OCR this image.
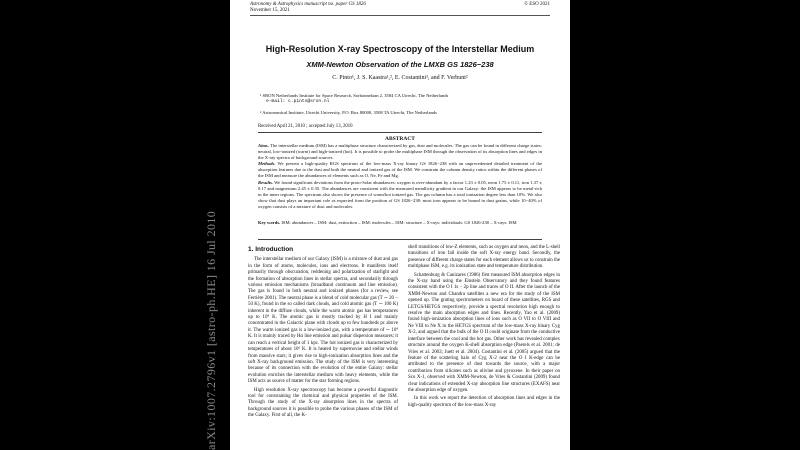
arXiv:1007.2796v1 [astro-ph.HE] 16 Jul 2010
Astronomy & Astrophysics manuscript no. paper GS 1826
November 15, 2021
© ESO 2021
High-Resolution X-ray Spectroscopy of the Interstellar Medium
XMM-Newton Observation of the LMXB GS 1826−238
C. Pinto¹, J. S. Kaastra¹,², E. Costantini¹, and F. Verbunt²
¹ SRON Netherlands Institute for Space Research, Sorbonnelaan 2, 3584 CA Utrecht, The Netherlands
e-mail: c.pinto@sron.nl
² Astronomical Institute, Utrecht University, P.O. Box 80000, 3508 TA Utrecht, The Netherlands
Received April 21, 2010 ; accepted July 13, 2010
ABSTRACT
Aims. The interstellar medium (ISM) has a multiphase structure characterized by gas, dust and molecules. The gas can be found in different charge states: neutral, low-ionized (warm) and high-ionized (hot). It is possible to probe the multiphase ISM through the observation of its absorption lines and edges in the X-ray spectra of background sources.
Methods. We present a high-quality RGS spectrum of the low-mass X-ray binary GS 1826−238 with an unprecedented detailed treatment of the absorption features due to the dust and both the neutral and ionized gas of the ISM. We constrain the column density ratios within the different phases of the ISM and measure the abundances of elements such as O, Ne, Fe and Mg.
Results. We found significant deviations from the proto-Solar abundances: oxygen is over-abundant by a factor 1.23 ± 0.05, neon 1.75 ± 0.11, iron 1.37 ± 0.17 and magnesium 2.45 ± 0.35. The abundances are consistent with the measured metallicity gradient in our Galaxy: the ISM appears to be metal-rich in the inner regions. The spectrum also shows the presence of warm/hot ionized gas. The gas column has a total ionization degree less than 10%. We also show that dust plays an important role as expected from the position of GS 1826−238: most iron appears to be bound in dust grains, while 10−40% of oxygen consists of a mixture of dust and molecules.
Key words. ISM: abundances – ISM: dust, extinction – ISM: molecules – ISM: structure – X-rays: individuals: GS 1826-238 – X-rays: ISM
1. Introduction

The interstellar medium of our Galaxy (ISM) is a mixture of dust and gas in the form of atoms, molecules, ions and electrons. It manifests itself primarily through obscuration, reddening and polarization of starlight and the formation of absorption lines in stellar spectra, and secondarily through various emission mechanisms (broadband continuum and line emission). The gas is found in both neutral and ionized phases (for a review, see Ferrière 2001). The neutral phase is a blend of cold molecular gas (T ∼ 20 − 50 K), found in the so called dark clouds, and cold atomic gas (T ∼ 100 K) inherent in the diffuse clouds, while the warm atomic gas has temperatures up to 10⁴ K. The atomic gas is mostly tracked by H I and mainly concentrated in the Galactic plane with clouds up to few hundreds pc above it. The warm ionized gas is a low-ionized gas, with a temperature of ∼ 10⁴ K. It is mainly traced by Hα line emission and pulsar dispersion measures; it can reach a vertical height of 1 kpc. The hot ionized gas is characterized by temperatures of about 10⁶ K. It is heated by supernovae and stellar winds from massive stars; it gives rise to high-ionization absorption lines and the soft X-ray background emission. The study of the ISM is very interesting because of its connection with the evolution of the entire Galaxy: stellar evolution enriches the interstellar medium with heavy elements, while the ISM acts as source of matter for the star forming regions.

High resolution X-ray spectroscopy has become a powerful diagnostic tool for constraining the chemical and physical properties of the ISM. Through the study of the X-ray absorption lines in the spectra of background sources it is possible to probe the various phases of the ISM of the Galaxy. First of all, the K-

shell transitions of low-Z elements, such as oxygen and neon, and the L-shell transitions of iron fall inside the soft X-ray energy band. Secondly, the presence of different charge states for each element allows us to constrain the multiphase ISM, e.g. its ionization state and temperature distribution.

Schattenburg & Canizares (1986) first measured ISM absorption edges in the X-ray band using the Einstein Observatory and they found features consistent with the O I 1s − 2p line and traces of O II. After the launch of the XMM-Newton and Chandra satellites a new era for the study of the ISM opened up. The grating spectrometers on board of these satellites, RGS and LETGS/HETGS respectively, provide a spectral resolution high enough to resolve the main absorption edges and lines. Recently, Yao et al. (2009) found high-ionization absorption lines of ions such as O VII to O VIII and Ne VIII to Ne X in the HETGS spectrum of the low-mass X-ray binary Cyg X-2, and argued that the bulk of the O II could originate from the conductive interface between the cool and the hot gas. Other work has revealed complex structure around the oxygen K-shell absorption edge (Paerels et al. 2001; de Vries et al. 2003; Juett et al. 2004). Costantini et al. (2005) argued that the feature of the scattering halo of Cyg X-2 near the O I K-edge can be attributed to the presence of dust towards the source, with a major contribution from silicates such as olivine and pyroxene. In their paper on Sco X-1, observed with XMM-Newton, de Vries & Costantini (2009) found clear indications of extended X-ray absorption line structures (EXAFS) near the absorption edge of oxygen.

In this work we report the detection of absorption lines and edges in the high-quality spectrum of the low-mass X-ray
